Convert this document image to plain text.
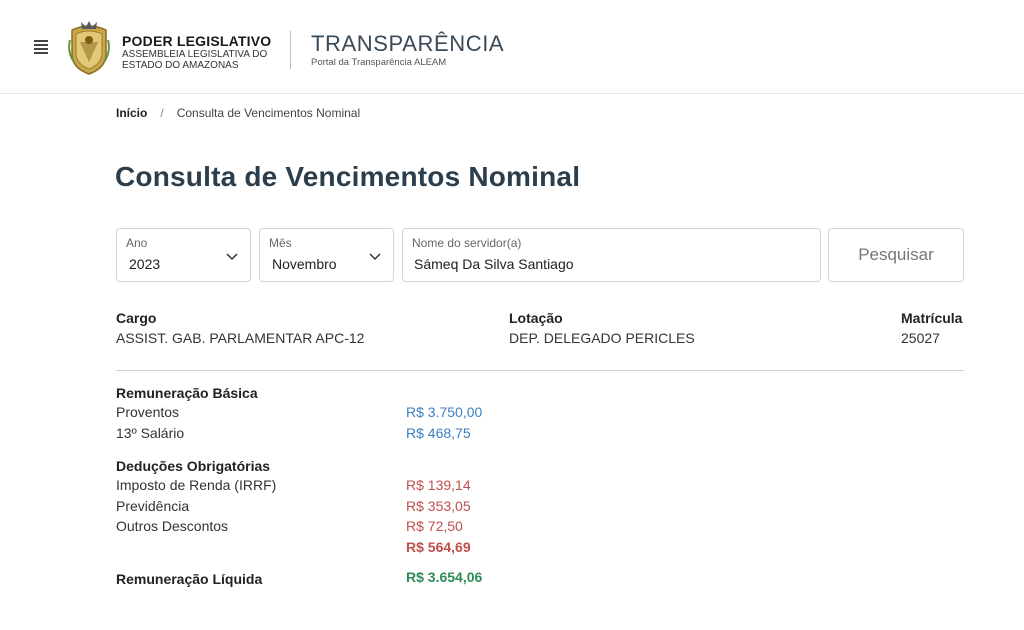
PODER LEGISLATIVO
ASSEMBLEIA LEGISLATIVA DO
ESTADO DO AMAZONAS
TRANSPARÊNCIA
Portal da Transparência ALEAM
Início / Consulta de Vencimentos Nominal
Consulta de Vencimentos Nominal
Ano
2023
Mês
Novembro
Nome do servidor(a)
Sámeq Da Silva Santiago	Pesquisar
Cargo
ASSIST. GAB. PARLAMENTAR APC-12
Lotação
DEP. DELEGADO PERICLES
Matrícula
25027
Remuneração Básica
Proventos	R$ 3.750,00
13º Salário	R$ 468,75
Deduções Obrigatórias
Imposto de Renda (IRRF)	R$ 139,14
Previdência	R$ 353,05
Outros Descontos	R$ 72,50
R$ 564,69
Remuneração Líquida	R$ 3.654,06
